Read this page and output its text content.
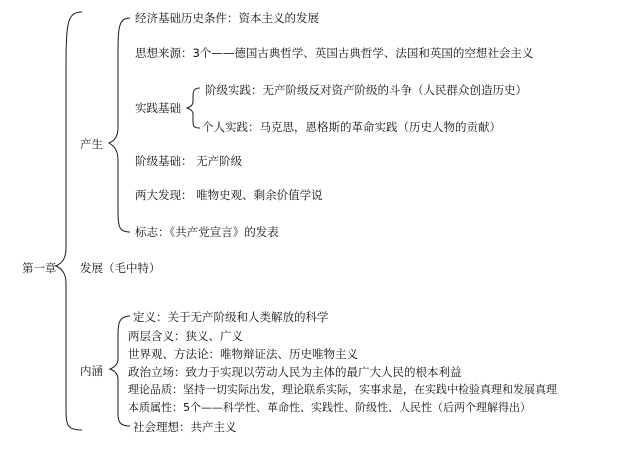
第一章
产生
经济基础历史条件：资本主义的发展
思想来源：3个——德国古典哲学、英国古典哲学、法国和英国的空想社会主义
实践基础
阶级实践：无产阶级反对资产阶级的斗争（人民群众创造历史）
个人实践：马克思，恩格斯的革命实践（历史人物的贡献）
阶级基础： 无产阶级
两大发现： 唯物史观、剩余价值学说
标志：《共产党宣言》的发表
发展（毛中特）
内涵
定义：关于无产阶级和人类解放的科学
两层含义：狭义、广义
世界观、方法论：唯物辩证法、历史唯物主义
政治立场：致力于实现以劳动人民为主体的最广大人民的根本利益
理论品质：坚持一切实际出发，理论联系实际，实事求是，在实践中检验真理和发展真理
本质属性：5个——科学性、革命性、实践性、阶级性、人民性（后两个理解得出）
社会理想：共产主义
